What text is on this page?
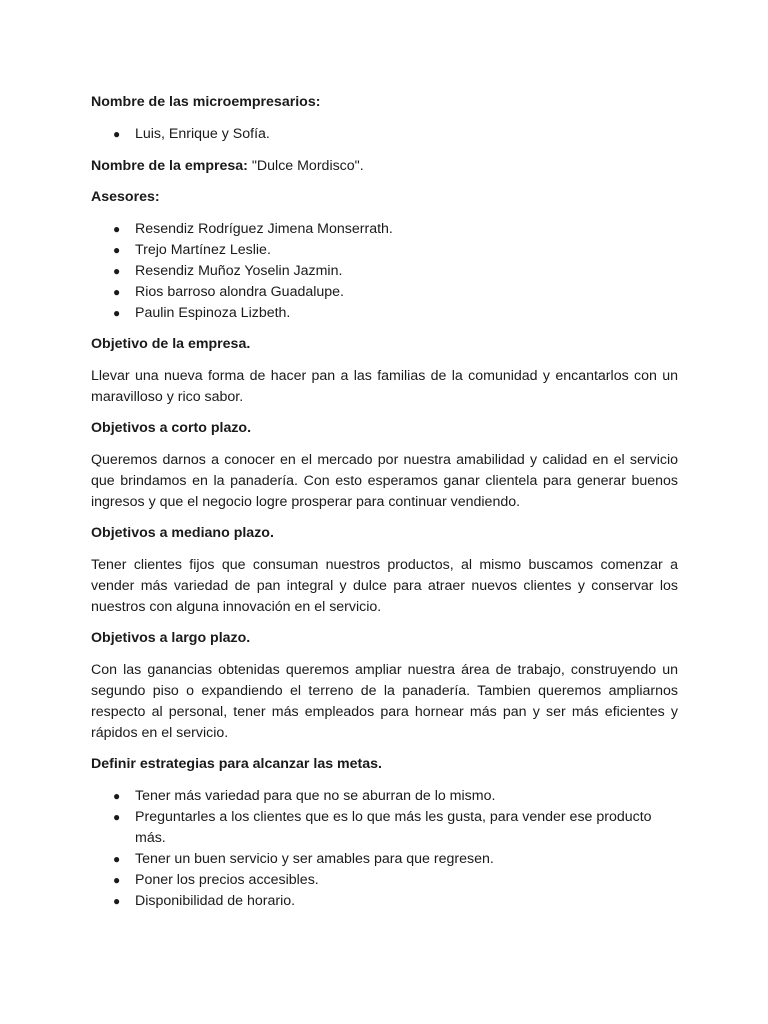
Nombre de las microempresarios:

● Luis, Enrique y Sofía.

Nombre de la empresa: "Dulce Mordisco".

Asesores:

● Resendiz Rodríguez Jimena Monserrath.
● Trejo Martínez Leslie.
● Resendiz Muñoz Yoselin Jazmin.
● Rios barroso alondra Guadalupe.
● Paulin Espinoza Lizbeth.

Objetivo de la empresa.

Llevar una nueva forma de hacer pan a las familias de la comunidad y encantarlos con un maravilloso y rico sabor.

Objetivos a corto plazo.

Queremos darnos a conocer en el mercado por nuestra amabilidad y calidad en el servicio que brindamos en la panadería. Con esto esperamos ganar clientela para generar buenos ingresos y que el negocio logre prosperar para continuar vendiendo.

Objetivos a mediano plazo.

Tener clientes fijos que consuman nuestros productos, al mismo buscamos comenzar a vender más variedad de pan integral y dulce para atraer nuevos clientes y conservar los nuestros con alguna innovación en el servicio.

Objetivos a largo plazo.

Con las ganancias obtenidas queremos ampliar nuestra área de trabajo, construyendo un segundo piso o expandiendo el terreno de la panadería. Tambien queremos ampliarnos respecto al personal, tener más empleados para hornear más pan y ser más eficientes y rápidos en el servicio.

Definir estrategias para alcanzar las metas.

● Tener más variedad para que no se aburran de lo mismo.
● Preguntarles a los clientes que es lo que más les gusta, para vender ese producto más.
● Tener un buen servicio y ser amables para que regresen.
● Poner los precios accesibles.
● Disponibilidad de horario.
